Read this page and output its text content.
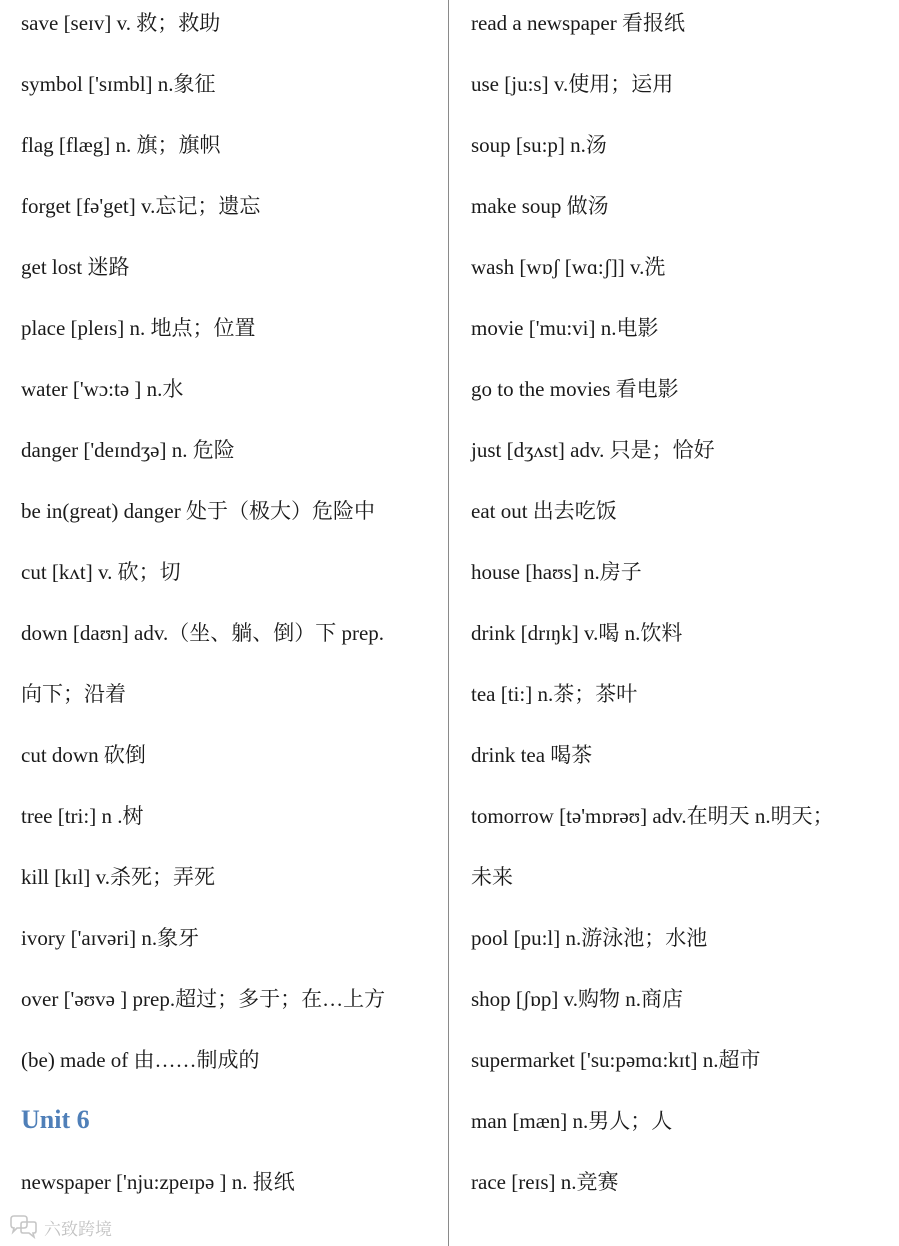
save [seɪv] v. 救；救助
symbol ['sɪmbl] n.象征
flag [flæg] n. 旗；旗帜
forget [fə'get] v.忘记；遗忘
get lost 迷路
place [pleɪs] n. 地点；位置
water ['wɔ:tə ] n.水
danger ['deɪndʒə] n. 危险
be in(great) danger 处于（极大）危险中
cut [kʌt] v. 砍；切
down [daʊn] adv.（坐、躺、倒）下 prep.
向下；沿着
cut down 砍倒
tree [tri:] n .树
kill [kɪl] v.杀死；弄死
ivory ['aɪvəri] n.象牙
over ['əʊvə ] prep.超过；多于；在…上方
(be) made of 由……制成的
Unit 6
newspaper ['nju:zpeɪpə ] n. 报纸
read a newspaper 看报纸
use [ju:s] v.使用；运用
soup [su:p] n.汤
make soup 做汤
wash [wɒʃ [wɑ:ʃ]] v.洗
movie ['mu:vi] n.电影
go to the movies 看电影
just [dʒʌst] adv. 只是；恰好
eat out 出去吃饭
house [haʊs] n.房子
drink [drɪŋk] v.喝 n.饮料
tea [ti:] n.茶；茶叶
drink tea 喝茶
tomorrow [tə'mɒrəʊ] adv.在明天 n.明天；
未来
pool [pu:l] n.游泳池；水池
shop [ʃɒp] v.购物 n.商店
supermarket ['su:pəmɑ:kɪt] n.超市
man [mæn] n.男人；人
race [reɪs] n.竞赛
六致跨境
